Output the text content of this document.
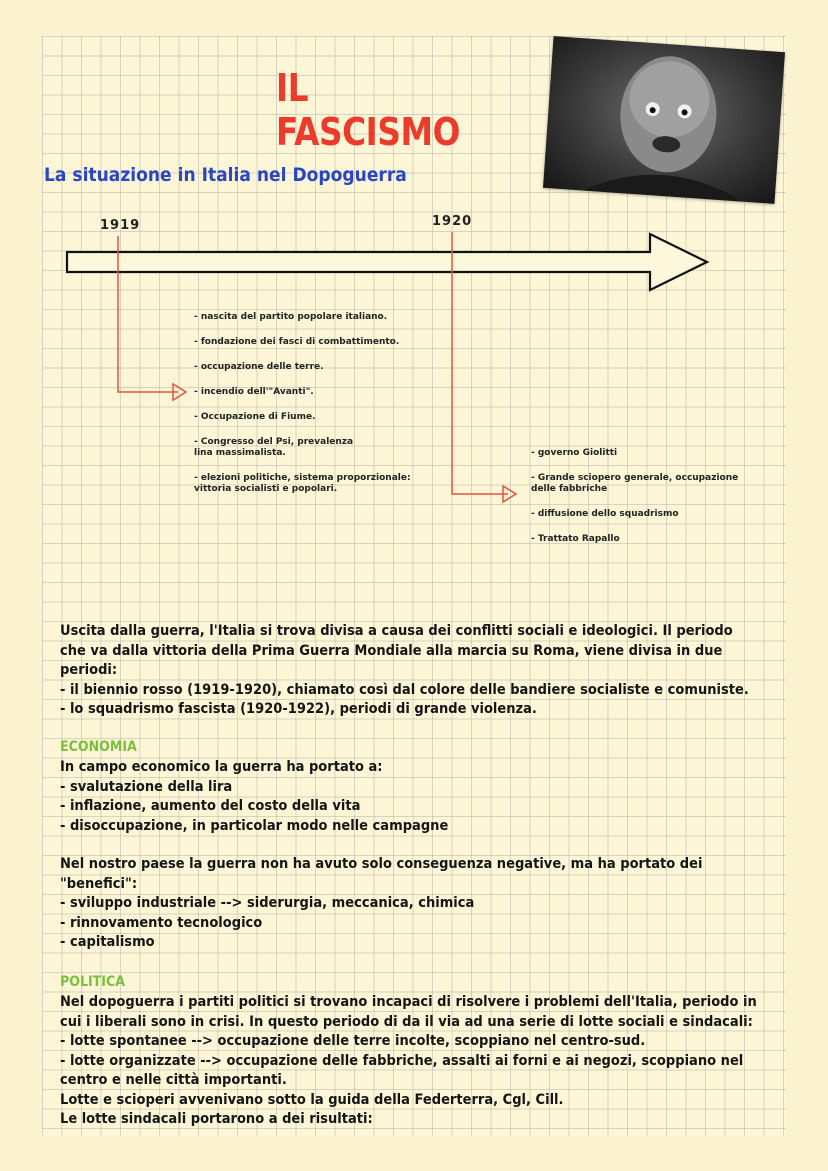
IL FASCISMO
La situazione in Italia nel Dopoguerra
1919	1920
- nascita del partito popolare italiano.
- fondazione dei fasci di combattimento.
- occupazione delle terre.
- incendio dell'"Avanti".
- Occupazione di Fiume.
- Congresso del Psi, prevalenza lina massimalista.
- elezioni politiche, sistema proporzionale: vittoria socialisti e popolari.
- governo Giolitti
- Grande sciopero generale, occupazione delle fabbriche
- diffusione dello squadrismo
- Trattato Rapallo

Uscita dalla guerra, l'Italia si trova divisa a causa dei conflitti sociali e ideologici. Il periodo

che va dalla vittoria della Prima Guerra Mondiale alla marcia su Roma, viene divisa in due

periodi:

- il biennio rosso (1919-1920), chiamato così dal colore delle bandiere socialiste e comuniste.

- lo squadrismo fascista (1920-1922), periodi di grande violenza.

ECONOMIA

In campo economico la guerra ha portato a:

- svalutazione della lira

- inflazione, aumento del costo della vita

- disoccupazione, in particolar modo nelle campagne

Nel nostro paese la guerra non ha avuto solo conseguenza negative, ma ha portato dei

"benefici":

- sviluppo industriale --> siderurgia, meccanica, chimica

- rinnovamento tecnologico

- capitalismo

POLITICA

Nel dopoguerra i partiti politici si trovano incapaci di risolvere i problemi dell'Italia, periodo in

cui i liberali sono in crisi. In questo periodo di da il via ad una serie di lotte sociali e sindacali:

- lotte spontanee --> occupazione delle terre incolte, scoppiano nel centro-sud.

- lotte organizzate --> occupazione delle fabbriche, assalti ai forni e ai negozi, scoppiano nel

centro e nelle città importanti.

Lotte e scioperi avvenivano sotto la guida della Federterra, Cgl, Cill.

Le lotte sindacali portarono a dei risultati:
